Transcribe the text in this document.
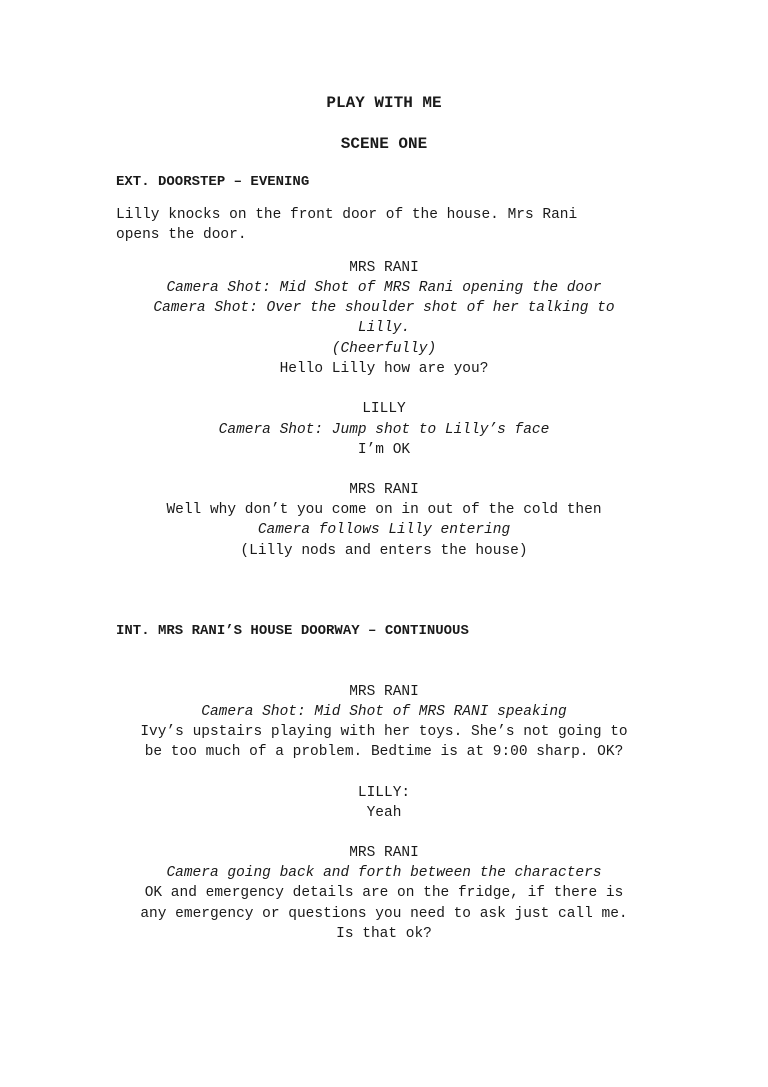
PLAY WITH ME
SCENE ONE
EXT. DOORSTEP – EVENING
Lilly knocks on the front door of the house. Mrs Rani
opens the door.
MRS RANI
Camera Shot: Mid Shot of MRS Rani opening the door
Camera Shot: Over the shoulder shot of her talking to
Lilly.
(Cheerfully)
Hello Lilly how are you?
LILLY
Camera Shot: Jump shot to Lilly’s face
I’m OK
MRS RANI
Well why don’t you come on in out of the cold then
Camera follows Lilly entering
(Lilly nods and enters the house)
INT. MRS RANI’S HOUSE DOORWAY – CONTINUOUS
MRS RANI
Camera Shot: Mid Shot of MRS RANI speaking
Ivy’s upstairs playing with her toys. She’s not going to
be too much of a problem. Bedtime is at 9:00 sharp. OK?
LILLY:
Yeah
MRS RANI
Camera going back and forth between the characters
OK and emergency details are on the fridge, if there is
any emergency or questions you need to ask just call me.
Is that ok?
